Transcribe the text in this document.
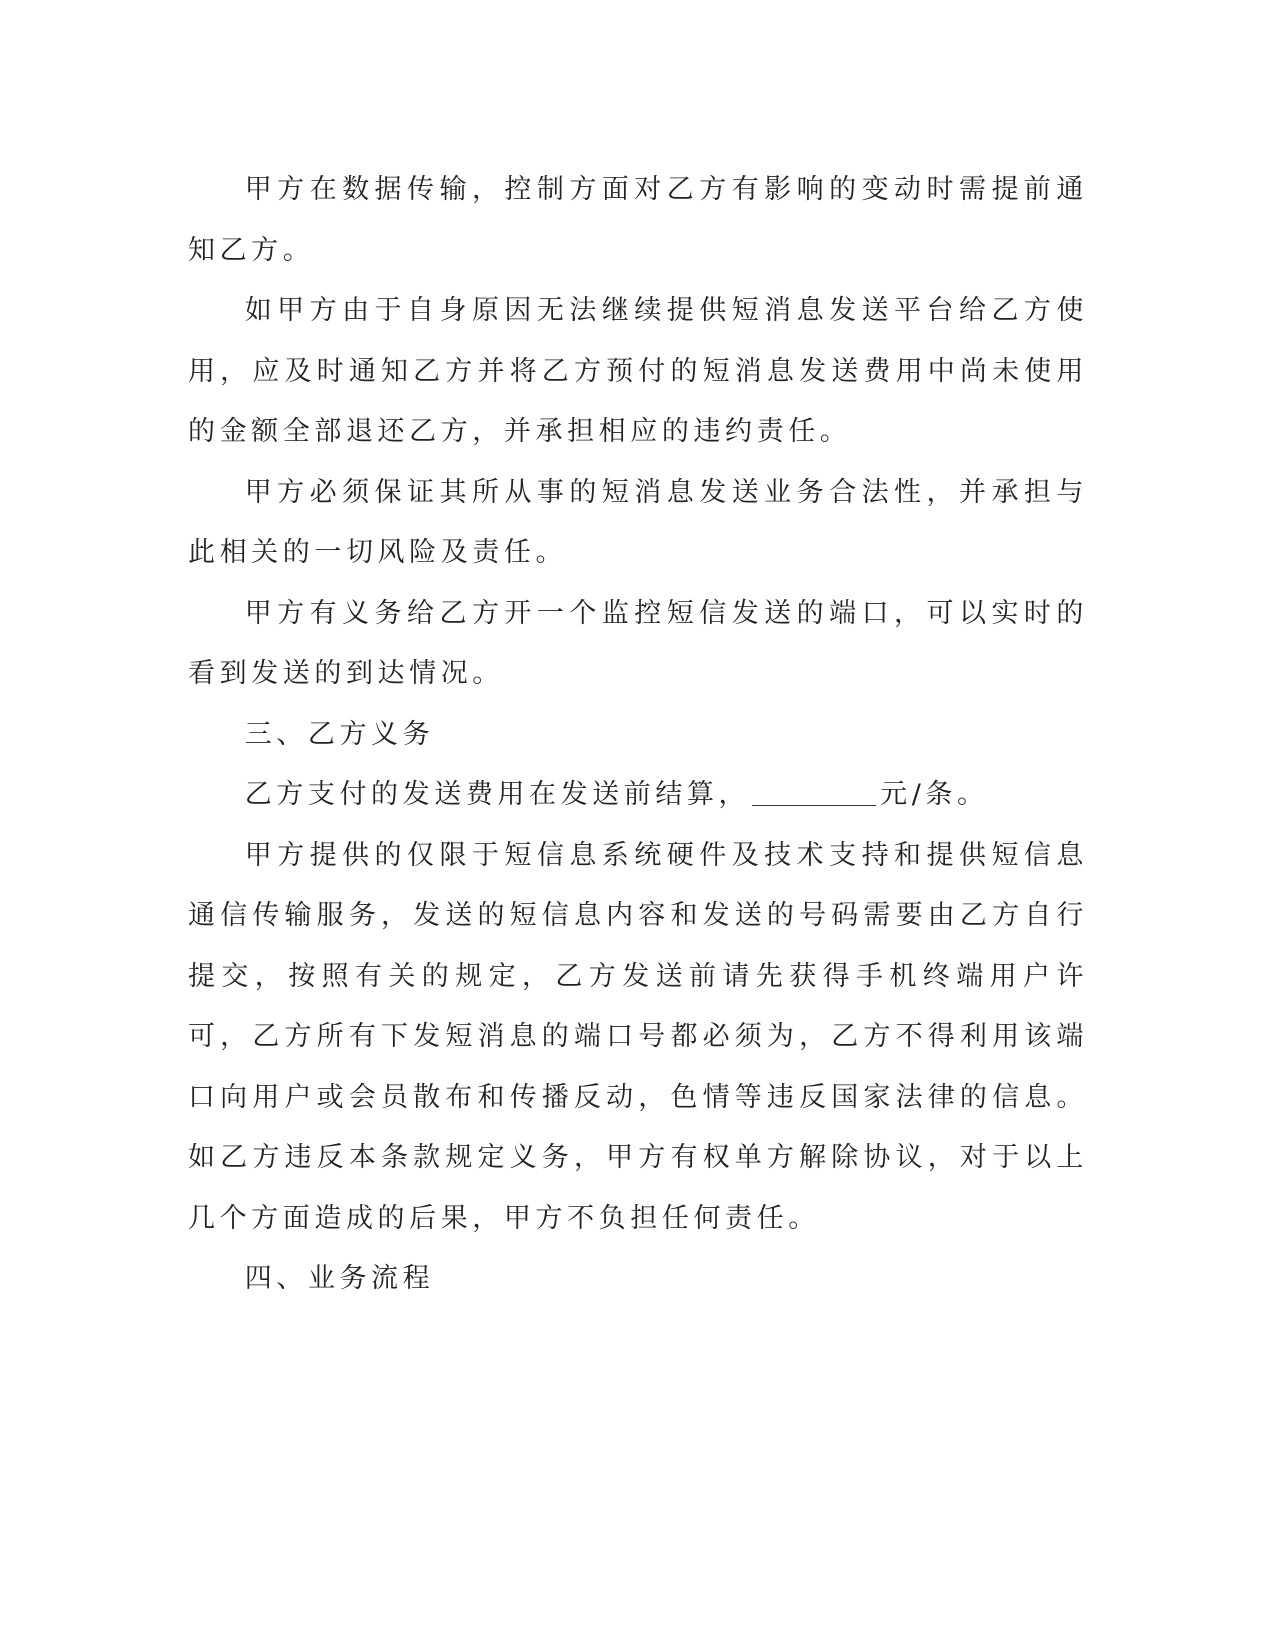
甲方在数据传输，控制方面对乙方有影响的变动时需提前通知乙方。

如甲方由于自身原因无法继续提供短消息发送平台给乙方使用，应及时通知乙方并将乙方预付的短消息发送费用中尚未使用的金额全部退还乙方，并承担相应的违约责任。

甲方必须保证其所从事的短消息发送业务合法性，并承担与此相关的一切风险及责任。

甲方有义务给乙方开一个监控短信发送的端口，可以实时的看到发送的到达情况。

三、乙方义务

乙方支付的发送费用在发送前结算，	元/条。

甲方提供的仅限于短信息系统硬件及技术支持和提供短信息通信传输服务，发送的短信息内容和发送的号码需要由乙方自行提交，按照有关的规定，乙方发送前请先获得手机终端用户许可，乙方所有下发短消息的端口号都必须为，乙方不得利用该端口向用户或会员散布和传播反动，色情等违反国家法律的信息。如乙方违反本条款规定义务，甲方有权单方解除协议，对于以上几个方面造成的后果，甲方不负担任何责任。

四、业务流程
